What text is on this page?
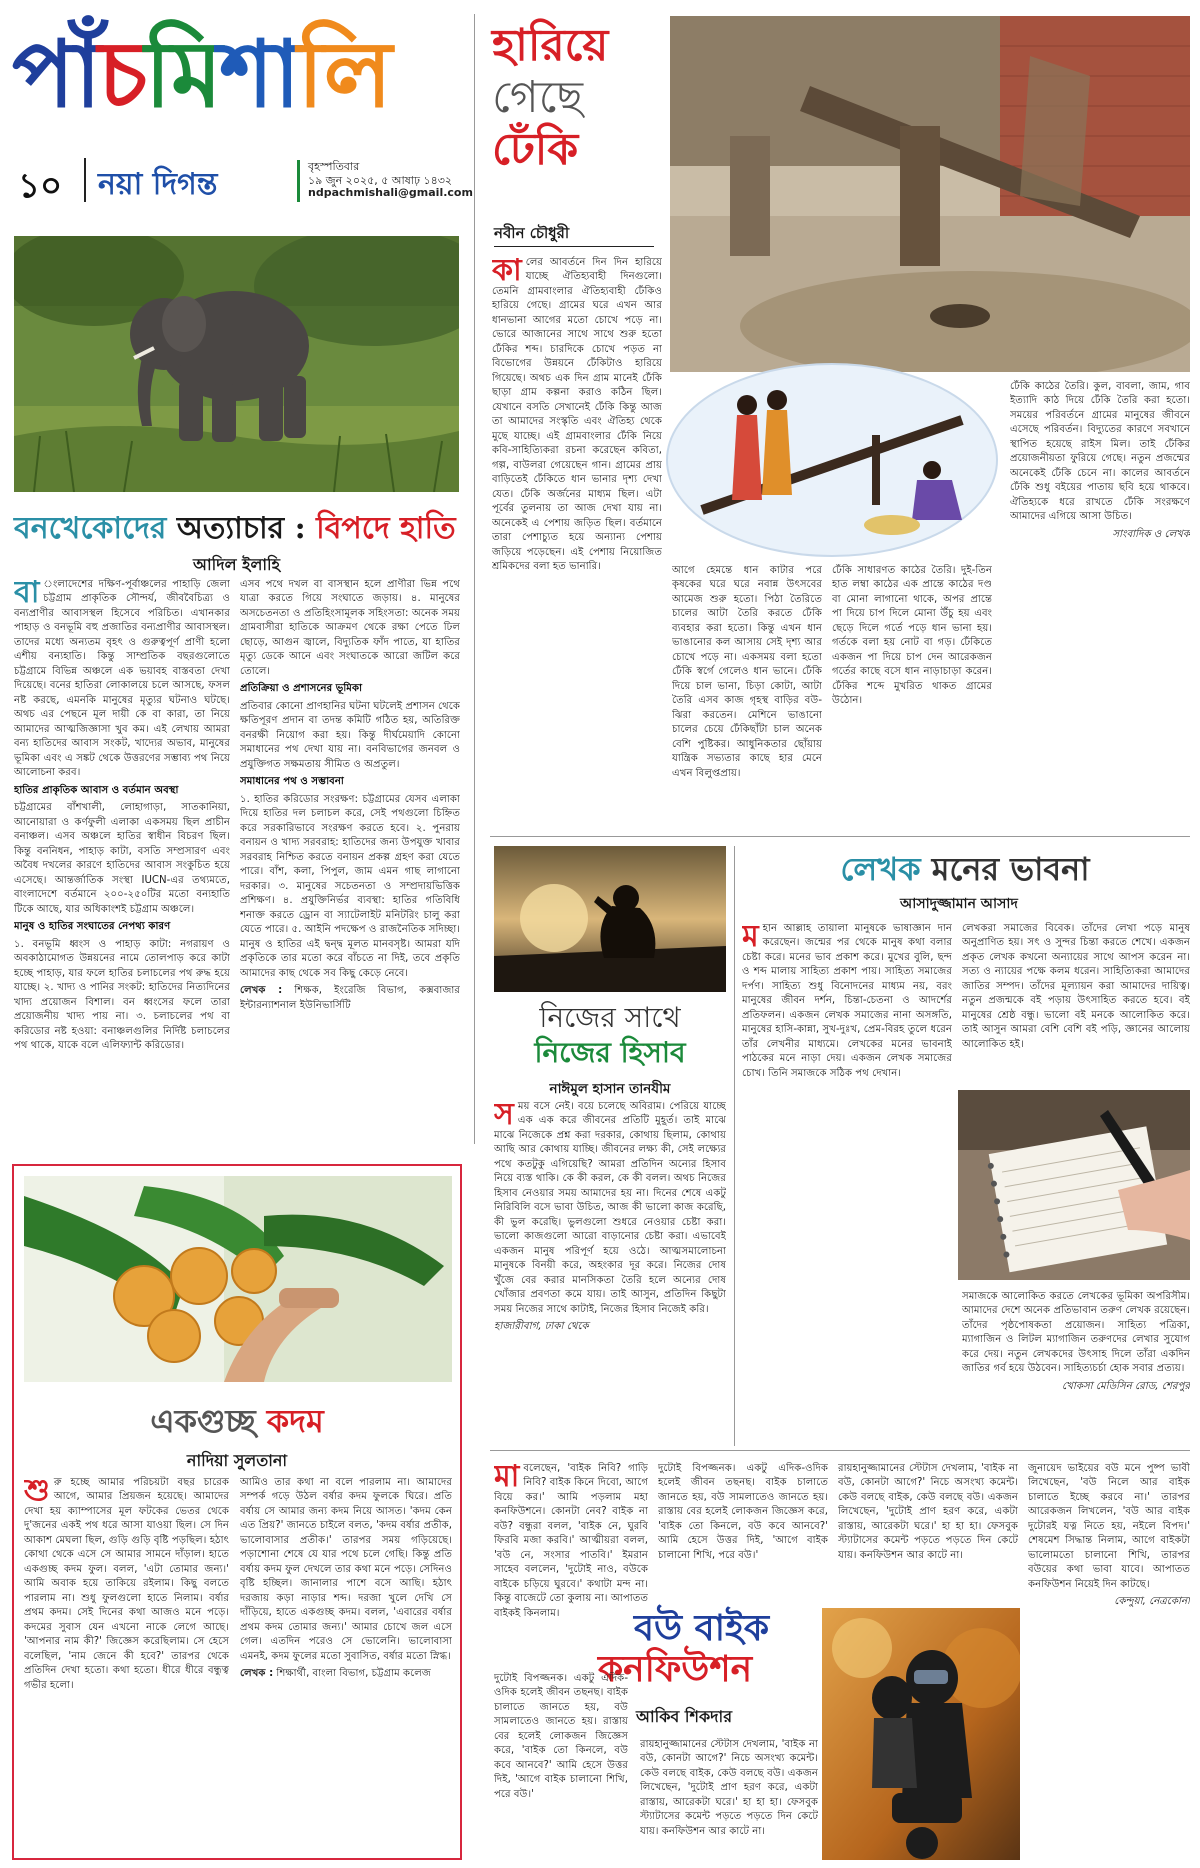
পাঁচমিশালি
১০ নয়া দিগন্ত
বৃহস্পতিবার
১৯ জুন ২০২৫, ৫ আষাঢ় ১৪৩২
ndpachmishali@gmail.com
বনখেকোদের অত্যাচার : বিপদে হাতি
আদিল ইলাহি
বা ংলাদেশের দক্ষিণ-পূর্বাঞ্চলের পাহাড়ি জেলা চট্টগ্রাম প্রাকৃতিক সৌন্দর্য, জীববৈচিত্র্য ও বন্যপ্রাণীর আবাসস্থল হিসেবে পরিচিত। এখানকার পাহাড় ও বনভূমি বহু প্রজাতির বন্যপ্রাণীর আবাসস্থল। তাদের মধ্যে অন্যতম বৃহৎ ও গুরুত্বপূর্ণ প্রাণী হলো এশীয় বন্যহাতি। কিন্তু সাম্প্রতিক বছরগুলোতে চট্টগ্রামে বিভিন্ন অঞ্চলে এক ভয়াবহ বাস্তবতা দেখা দিয়েছে। বনের হাতিরা লোকালয়ে চলে আসছে, ফসল নষ্ট করছে, এমনকি মানুষের মৃত্যুর ঘটনাও ঘটছে। অথচ এর পেছনে মূল দায়ী কে বা কারা, তা নিয়ে আমাদের আত্মজিজ্ঞাসা খুব কম। এই লেখায় আমরা বন্য হাতিদের আবাস সংকট, খাদ্যের অভাব, মানুষের ভূমিকা এবং এ সঙ্কট থেকে উত্তরণের সম্ভাব্য পথ নিয়ে আলোচনা করব।

হাতির প্রাকৃতিক আবাস ও বর্তমান অবস্থা

চট্টগ্রামের বাঁশখালী, লোহাগাড়া, সাতকানিয়া, আনোয়ারা ও কর্ণফুলী এলাকা একসময় ছিল প্রাচীন বনাঞ্চল। এসব অঞ্চলে হাতির স্বাধীন বিচরণ ছিল। কিন্তু বননিধন, পাহাড় কাটা, বসতি সম্প্রসারণ এবং অবৈধ দখলের কারণে হাতিদের আবাস সংকুচিত হয়ে এসেছে। আন্তর্জাতিক সংস্থা IUCN-এর তথ্যমতে, বাংলাদেশে বর্তমানে ২০০-২৫০টির মতো বন্যহাতি টিকে আছে, যার অধিকাংশই চট্টগ্রাম অঞ্চলে।

মানুষ ও হাতির সংঘাতের নেপথ্য কারণ

১. বনভূমি ধ্বংস ও পাহাড় কাটা: নগরায়ণ ও অবকাঠামোগত উন্নয়নের নামে তোলপাড় করে কাটা হচ্ছে পাহাড়, যার ফলে হাতির চলাচলের পথ রুদ্ধ হয়ে যাচ্ছে। ২. খাদ্য ও পানির সংকট: হাতিদের নিত্যদিনের খাদ্য প্রয়োজন বিশাল। বন ধ্বংসের ফলে তারা প্রয়োজনীয় খাদ্য পায় না। ৩. চলাচলের পথ বা করিডোর নষ্ট হওয়া: বনাঞ্চলগুলির নির্দিষ্ট চলাচলের পথ থাকে, যাকে বলে এলিফ্যান্ট করিডোর।

এসব পথে দখল বা বাসস্থান হলে প্রাণীরা ভিন্ন পথে যাত্রা করতে গিয়ে সংঘাতে জড়ায়। ৪. মানুষের অসচেতনতা ও প্রতিহিংসামূলক সহিংসতা: অনেক সময় গ্রামবাসীরা হাতিকে আক্রমণ থেকে রক্ষা পেতে ঢিল ছোড়ে, আগুন জ্বালে, বিদ্যুতিক ফাঁদ পাতে, যা হাতির মৃত্যু ডেকে আনে এবং সংঘাতকে আরো জটিল করে তোলে।

প্রতিক্রিয়া ও প্রশাসনের ভূমিকা

প্রতিবার কোনো প্রাণহানির ঘটনা ঘটলেই প্রশাসন থেকে ক্ষতিপূরণ প্রদান বা তদন্ত কমিটি গঠিত হয়, অতিরিক্ত বনরক্ষী নিয়োগ করা হয়। কিন্তু দীর্ঘমেয়াদি কোনো সমাধানের পথ দেখা যায় না। বনবিভাগের জনবল ও প্রযুক্তিগত সক্ষমতায় সীমিত ও অপ্রতুল।

সমাধানের পথ ও সম্ভাবনা

১. হাতির করিডোর সংরক্ষণ: চট্টগ্রামের যেসব এলাকা দিয়ে হাতির দল চলাচল করে, সেই পথগুলো চিহ্নিত করে সরকারিভাবে সংরক্ষণ করতে হবে। ২. পুনরায় বনায়ন ও খাদ্য সরবরাহ: হাতিদের জন্য উপযুক্ত খাবার সরবরাহ নিশ্চিত করতে বনায়ন প্রকল্প গ্রহণ করা যেতে পারে। বাঁশ, কলা, পিপুল, জাম এমন গাছ লাগানো দরকার। ৩. মানুষের সচেতনতা ও সম্প্রদায়ভিত্তিক প্রশিক্ষণ। ৪. প্রযুক্তিনির্ভর ব্যবস্থা: হাতির গতিবিধি শনাক্ত করতে ড্রোন বা স্যাটেলাইট মনিটরিং চালু করা যেতে পারে। ৫. আইনি পদক্ষেপ ও রাজনৈতিক সদিচ্ছা। মানুষ ও হাতির এই দ্বন্দ্ব মূলত মানবসৃষ্ট। আমরা যদি প্রকৃতিকে তার মতো করে বাঁচতে না দিই, তবে প্রকৃতি আমাদের কাছ থেকে সব কিছু কেড়ে নেবে।

লেখক : শিক্ষক, ইংরেজি বিভাগ, কক্সবাজার ইন্টারন্যাশনাল ইউনিভার্সিটি

একগুচ্ছ কদম
নাদিয়া সুলতানা
শু রু হচ্ছে আমার পরিচয়টা বছর চারেক আগে, আমার প্রিয়জন হয়েছে। আমাদের দেখা হয় ক্যাম্পাসের মূল ফটকের ভেতর থেকে দু'জনের একই পথ ধরে আসা যাওয়া ছিল। সে দিন আকাশ মেঘলা ছিল, গুড়ি গুড়ি বৃষ্টি পড়ছিল। হঠাৎ কোথা থেকে এসে সে আমার সামনে দাঁড়াল। হাতে একগুচ্ছ কদম ফুল। বলল, 'এটা তোমার জন্য।' আমি অবাক হয়ে তাকিয়ে রইলাম। কিছু বলতে পারলাম না। শুধু ফুলগুলো হাতে নিলাম। বর্ষার প্রথম কদম। সেই দিনের কথা আজও মনে পড়ে। কদমের সুবাস যেন এখনো নাকে লেগে আছে। 'আপনার নাম কী?' জিজ্ঞেস করেছিলাম। সে হেসে বলেছিল, 'নাম জেনে কী হবে?' তারপর থেকে প্রতিদিন দেখা হতো। কথা হতো। ধীরে ধীরে বন্ধুত্ব গভীর হলো।

আমিও তার কথা না বলে পারলাম না। আমাদের সম্পর্ক গড়ে উঠল বর্ষার কদম ফুলকে ঘিরে। প্রতি বর্ষায় সে আমার জন্য কদম নিয়ে আসত। 'কদম কেন এত প্রিয়?' জানতে চাইলে বলত, 'কদম বর্ষার প্রতীক, ভালোবাসার প্রতীক।' তারপর সময় গড়িয়েছে। পড়াশোনা শেষে যে যার পথে চলে গেছি। কিন্তু প্রতি বর্ষায় কদম ফুল দেখলে তার কথা মনে পড়ে। সেদিনও বৃষ্টি হচ্ছিল। জানালার পাশে বসে আছি। হঠাৎ দরজায় কড়া নাড়ার শব্দ। দরজা খুলে দেখি সে দাঁড়িয়ে, হাতে একগুচ্ছ কদম। বলল, 'এবারের বর্ষার প্রথম কদম তোমার জন্য।' আমার চোখে জল এসে গেল। এতদিন পরেও সে ভোলেনি। ভালোবাসা এমনই, কদম ফুলের মতো সুবাসিত, বর্ষার মতো স্নিগ্ধ।

লেখক : শিক্ষার্থী, বাংলা বিভাগ, চট্টগ্রাম কলেজ

হারিয়ে
গেছে
ঢেঁকি
নবীন চৌধুরী
কা লের আবর্তনে দিন দিন হারিয়ে যাচ্ছে ঐতিহ্যবাহী দিনগুলো। তেমনি গ্রামবাংলার ঐতিহ্যবাহী ঢেঁকিও হারিয়ে গেছে। গ্রামের ঘরে এখন আর ধানভানা আগের মতো চোখে পড়ে না। ভোরে আজানের সাথে সাথে শুরু হতো ঢেঁকির শব্দ। চারদিকে চোখে পড়ত না বিভোগের উন্নয়নে ঢেঁকিটাও হারিয়ে গিয়েছে। অথচ এক দিন গ্রাম মানেই ঢেঁকি ছাড়া গ্রাম কল্পনা করাও কঠিন ছিল। যেখানে বসতি সেখানেই ঢেঁকি কিন্তু আজ তা আমাদের সংস্কৃতি এবং ঐতিহ্য থেকে মুছে যাচ্ছে। এই গ্রামবাংলার ঢেঁকি নিয়ে কবি-সাহিত্যিকরা রচনা করেছেন কবিতা, গল্প, বাউলরা গেয়েছেন গান। গ্রামের প্রায় বাড়িতেই ঢেঁকিতে ধান ভানার দৃশ্য দেখা যেত। ঢেঁকি অর্জনের মাধ্যম ছিল। এটা পূর্বের তুলনায় তা আজ দেখা যায় না। অনেকেই এ পেশায় জড়িত ছিল। বর্তমানে তারা পেশাচ্যুত হয়ে অন্যান্য পেশায় জড়িয়ে পড়েছেন। এই পেশায় নিয়োজিত শ্রমিকদের বলা হত ভানারি।	আগে হেমন্তে ধান কাটার পরে কৃষকের ঘরে ঘরে নবান্ন উৎসবের আমেজ শুরু হতো। পিঠা তৈরিতে চালের আটা তৈরি করতে ঢেঁকি ব্যবহার করা হতো। কিন্তু এখন ধান ভাঙানোর কল আসায় সেই দৃশ্য আর চোখে পড়ে না। একসময় বলা হতো ঢেঁকি স্বর্গে গেলেও ধান ভানে। ঢেঁকি দিয়ে চাল ভানা, চিড়া কোটা, আটা তৈরি এসব কাজ গৃহস্থ বাড়ির বউ-ঝিরা করতেন। মেশিনে ভাঙানো চালের চেয়ে ঢেঁকিছাঁটা চাল অনেক বেশি পুষ্টিকর। আধুনিকতার ছোঁয়ায় যান্ত্রিক সভ্যতার কাছে হার মেনে এখন বিলুপ্তপ্রায়।

ঢেঁকি সাধারণত কাঠের তৈরি। দুই-তিন হাত লম্বা কাঠের এক প্রান্তে কাঠের দণ্ড বা মোনা লাগানো থাকে, অপর প্রান্তে পা দিয়ে চাপ দিলে মোনা উঁচু হয় এবং ছেড়ে দিলে গর্তে পড়ে ধান ভানা হয়। গর্তকে বলা হয় নোট বা গড়। ঢেঁকিতে একজন পা দিয়ে চাপ দেন আরেকজন গর্তের কাছে বসে ধান নাড়াচাড়া করেন। ঢেঁকির শব্দে মুখরিত থাকত গ্রামের উঠোন।

ঢেঁকি কাঠের তৈরি। কুল, বাবলা, জাম, গাব ইত্যাদি কাঠ দিয়ে ঢেঁকি তৈরি করা হতো। সময়ের পরিবর্তনে গ্রামের মানুষের জীবনে এসেছে পরিবর্তন। বিদ্যুতের কারণে সবখানে স্থাপিত হয়েছে রাইস মিল। তাই ঢেঁকির প্রয়োজনীয়তা ফুরিয়ে গেছে। নতুন প্রজন্মের অনেকেই ঢেঁকি চেনে না। কালের আবর্তনে ঢেঁকি শুধু বইয়ের পাতায় ছবি হয়ে থাকবে। ঐতিহ্যকে ধরে রাখতে ঢেঁকি সংরক্ষণে আমাদের এগিয়ে আসা উচিত।

সাংবাদিক ও লেখক

নিজের সাথে
নিজের হিসাব
নাঈমুল হাসান তানযীম
স ময় বসে নেই। বয়ে চলেছে অবিরাম। পেরিয়ে যাচ্ছে এক এক করে জীবনের প্রতিটি মুহূর্ত। তাই মাঝে মাঝে নিজেকে প্রশ্ন করা দরকার, কোথায় ছিলাম, কোথায় আছি আর কোথায় যাচ্ছি। জীবনের লক্ষ্য কী, সেই লক্ষ্যের পথে কতটুকু এগিয়েছি? আমরা প্রতিদিন অন্যের হিসাব নিয়ে ব্যস্ত থাকি। কে কী করল, কে কী বলল। অথচ নিজের হিসাব নেওয়ার সময় আমাদের হয় না। দিনের শেষে একটু নিরিবিলি বসে ভাবা উচিত, আজ কী ভালো কাজ করেছি, কী ভুল করেছি। ভুলগুলো শুধরে নেওয়ার চেষ্টা করা। ভালো কাজগুলো আরো বাড়ানোর চেষ্টা করা। এভাবেই একজন মানুষ পরিপূর্ণ হয়ে ওঠে। আত্মসমালোচনা মানুষকে বিনয়ী করে, অহংকার দূর করে। নিজের দোষ খুঁজে বের করার মানসিকতা তৈরি হলে অন্যের দোষ খোঁজার প্রবণতা কমে যায়। তাই আসুন, প্রতিদিন কিছুটা সময় নিজের সাথে কাটাই, নিজের হিসাব নিজেই করি।

হাজারীবাগ, ঢাকা থেকে

লেখক মনের ভাবনা
আসাদুজ্জামান আসাদ
ম হান আল্লাহ তায়ালা মানুষকে ভাষাজ্ঞান দান করেছেন। জন্মের পর থেকে মানুষ কথা বলার চেষ্টা করে। মনের ভাব প্রকাশ করে। মুখের বুলি, ছন্দ ও শব্দ মালায় সাহিত্য প্রকাশ পায়। সাহিত্য সমাজের দর্পণ। সাহিত্য শুধু বিনোদনের মাধ্যম নয়, বরং মানুষের জীবন দর্শন, চিন্তা-চেতনা ও আদর্শের প্রতিফলন। একজন লেখক সমাজের নানা অসঙ্গতি, মানুষের হাসি-কান্না, সুখ-দুঃখ, প্রেম-বিরহ তুলে ধরেন তাঁর লেখনীর মাধ্যমে। লেখকের মনের ভাবনাই পাঠকের মনে নাড়া দেয়। একজন লেখক সমাজের চোখ। তিনি সমাজকে সঠিক পথ দেখান।

লেখকরা সমাজের বিবেক। তাঁদের লেখা পড়ে মানুষ অনুপ্রাণিত হয়। সৎ ও সুন্দর চিন্তা করতে শেখে। একজন প্রকৃত লেখক কখনো অন্যায়ের সাথে আপস করেন না। সত্য ও ন্যায়ের পক্ষে কলম ধরেন। সাহিত্যিকরা আমাদের জাতির সম্পদ। তাঁদের মূল্যায়ন করা আমাদের দায়িত্ব। নতুন প্রজন্মকে বই পড়ায় উৎসাহিত করতে হবে। বই মানুষের শ্রেষ্ঠ বন্ধু। ভালো বই মনকে আলোকিত করে। তাই আসুন আমরা বেশি বেশি বই পড়ি, জ্ঞানের আলোয় আলোকিত হই।

সমাজকে আলোকিত করতে লেখকের ভূমিকা অপরিসীম। আমাদের দেশে অনেক প্রতিভাবান তরুণ লেখক রয়েছেন। তাঁদের পৃষ্ঠপোষকতা প্রয়োজন। সাহিত্য পত্রিকা, ম্যাগাজিন ও লিটল ম্যাগাজিন তরুণদের লেখার সুযোগ করে দেয়। নতুন লেখকদের উৎসাহ দিলে তাঁরা একদিন জাতির গর্ব হয়ে উঠবেন। সাহিত্যচর্চা হোক সবার প্রত্যয়।

খোকসা মেডিসিন রোড, শেরপুর

মা বলেছেন, 'বাইক নিবি? গাড়ি নিবি? বাইক কিনে দিবো, আগে বিয়ে কর।' আমি পড়লাম মহা কনফিউশনে। কোনটা নেব? বাইক না বউ? বন্ধুরা বলল, 'বাইক নে, ঘুরবি ফিরবি মজা করবি।' আত্মীয়রা বলল, 'বউ নে, সংসার পাতবি।' ইমরান সাহেব বললেন, 'দুটোই নাও, বউকে বাইকে চড়িয়ে ঘুরবে।' কথাটা মন্দ না। কিন্তু বাজেটে তো কুলায় না। আপাতত বাইকই কিনলাম।

দুটোই বিপজ্জনক। একটু এদিক-ওদিক হলেই জীবন তছনছ। বাইক চালাতে জানতে হয়, বউ সামলাতেও জানতে হয়। রাস্তায় বের হলেই লোকজন জিজ্ঞেস করে, 'বাইক তো কিনলে, বউ কবে আনবে?' আমি হেসে উত্তর দিই, 'আগে বাইক চালানো শিখি, পরে বউ।'

রায়হানুজ্জামানের স্টেটাস দেখলাম, 'বাইক না বউ, কোনটা আগে?' নিচে অসংখ্য কমেন্ট। কেউ বলছে বাইক, কেউ বলছে বউ। একজন লিখেছেন, 'দুটোই প্রাণ হরণ করে, একটা রাস্তায়, আরেকটা ঘরে।' হা হা হা। ফেসবুক স্ট্যাটাসের কমেন্ট পড়তে পড়তে দিন কেটে যায়। কনফিউশন আর কাটে না।

জুনায়েদ ভাইয়ের বউ মনে পুষ্প ভাবী লিখেছেন, 'বউ নিলে আর বাইক চালাতে ইচ্ছে করবে না।' তারপর আরেকজন লিখলেন, 'বউ আর বাইক দুটোরই যত্ন নিতে হয়, নইলে বিপদ।' শেষমেশ সিদ্ধান্ত নিলাম, আগে বাইকটা ভালোমতো চালানো শিখি, তারপর বউয়ের কথা ভাবা যাবে। আপাতত কনফিউশন নিয়েই দিন কাটছে।

কেন্দুয়া, নেত্রকোনা

বউ বাইক
কনফিউশন
আকিব শিকদার

দুটোই বিপজ্জনক। একটু এদিক-ওদিক হলেই জীবন তছনছ। বাইক চালাতে জানতে হয়, বউ সামলাতেও জানতে হয়। রাস্তায় বের হলেই লোকজন জিজ্ঞেস করে, 'বাইক তো কিনলে, বউ কবে আনবে?' আমি হেসে উত্তর দিই, 'আগে বাইক চালানো শিখি, পরে বউ।'

রায়হানুজ্জামানের স্টেটাস দেখলাম, 'বাইক না বউ, কোনটা আগে?' নিচে অসংখ্য কমেন্ট। কেউ বলছে বাইক, কেউ বলছে বউ। একজন লিখেছেন, 'দুটোই প্রাণ হরণ করে, একটা রাস্তায়, আরেকটা ঘরে।' হা হা হা। ফেসবুক স্ট্যাটাসের কমেন্ট পড়তে পড়তে দিন কেটে যায়। কনফিউশন আর কাটে না।
